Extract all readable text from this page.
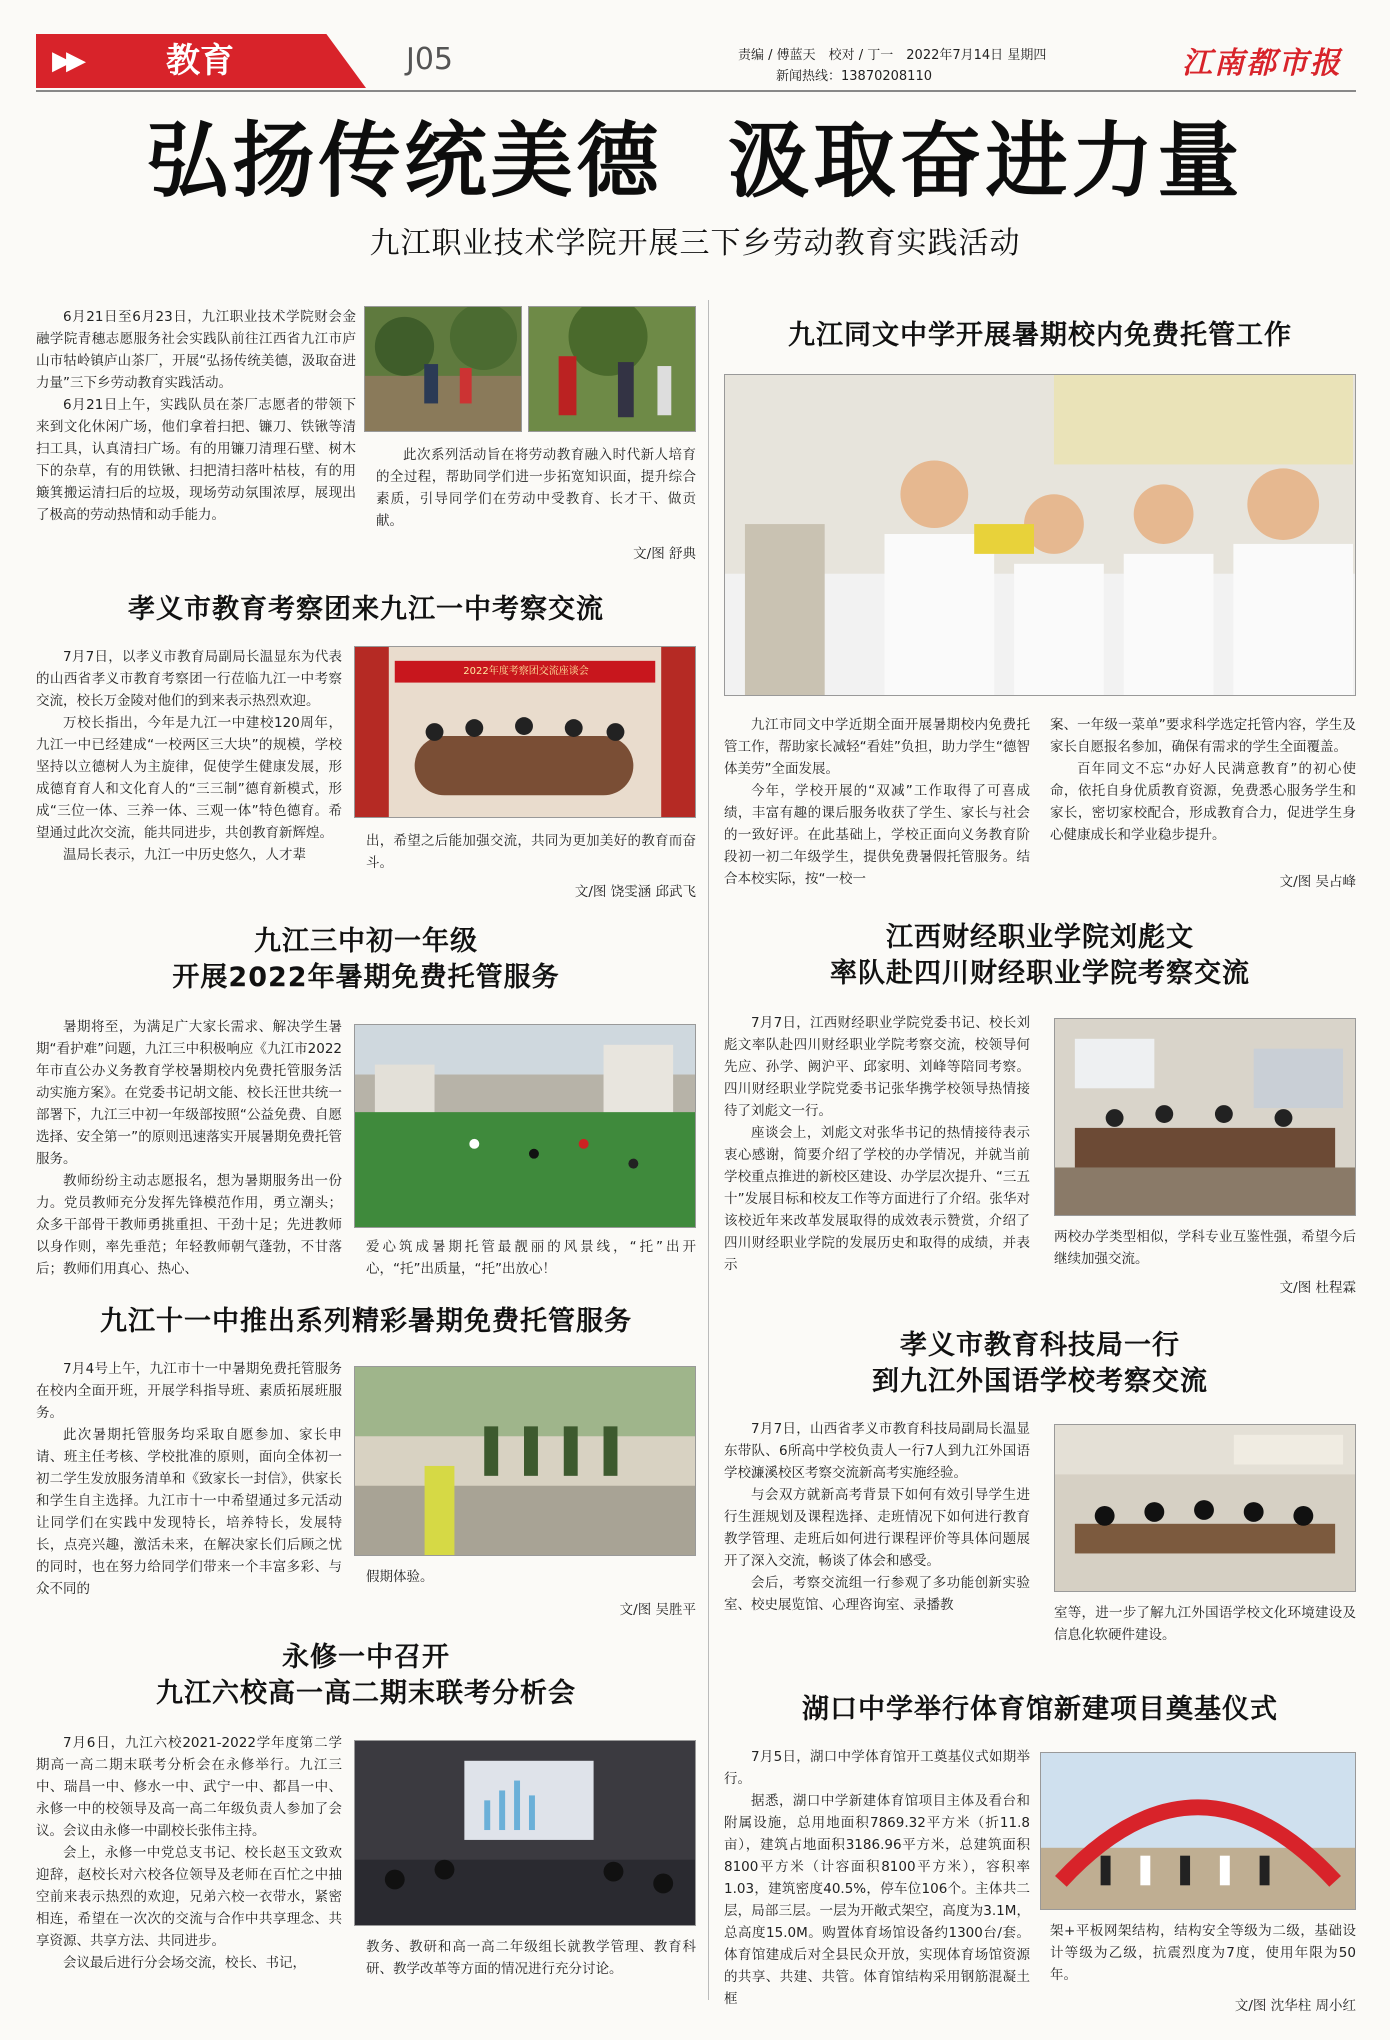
▶▶	教育	J05	责编 / 傅蓝天　校对 / 丁一　2022年7月14日 星期四
新闻热线：13870208110	江南都市报
弘扬传统美德  汲取奋进力量
九江职业技术学院开展三下乡劳动教育实践活动

6月21日至6月23日，九江职业技术学院财会金融学院青穗志愿服务社会实践队前往江西省九江市庐山市牯岭镇庐山茶厂，开展“弘扬传统美德，汲取奋进力量”三下乡劳动教育实践活动。

6月21日上午，实践队员在茶厂志愿者的带领下来到文化休闲广场，他们拿着扫把、镰刀、铁锹等清扫工具，认真清扫广场。有的用镰刀清理石壁、树木下的杂草，有的用铁锹、扫把清扫落叶枯枝，有的用簸箕搬运清扫后的垃圾，现场劳动氛围浓厚，展现出了极高的劳动热情和动手能力。

此次系列活动旨在将劳动教育融入时代新人培育的全过程，帮助同学们进一步拓宽知识面，提升综合素质，引导同学们在劳动中受教育、长才干、做贡献。

文/图 舒典
孝义市教育考察团来九江一中考察交流

7月7日，以孝义市教育局副局长温显东为代表的山西省孝义市教育考察团一行莅临九江一中考察交流，校长万金陵对他们的到来表示热烈欢迎。

万校长指出，今年是九江一中建校120周年，九江一中已经建成“一校两区三大块”的规模，学校坚持以立德树人为主旋律，促使学生健康发展，形成德育育人和文化育人的“三三制”德育新模式，形成“三位一体、三养一体、三观一体”特色德育。希望通过此次交流，能共同进步，共创教育新辉煌。

温局长表示，九江一中历史悠久，人才辈

2022年度考察团交流座谈会

出，希望之后能加强交流，共同为更加美好的教育而奋斗。

文/图 饶雯涵 邱武飞
九江三中初一年级
开展2022年暑期免费托管服务

暑期将至，为满足广大家长需求、解决学生暑期“看护难”问题，九江三中积极响应《九江市2022年市直公办义务教育学校暑期校内免费托管服务活动实施方案》。在党委书记胡文能、校长汪世共统一部署下，九江三中初一年级部按照“公益免费、自愿选择、安全第一”的原则迅速落实开展暑期免费托管服务。

教师纷纷主动志愿报名，想为暑期服务出一份力。党员教师充分发挥先锋模范作用，勇立潮头；众多干部骨干教师勇挑重担、干劲十足；先进教师以身作则，率先垂范；年轻教师朝气蓬勃，不甘落后；教师们用真心、热心、

爱心筑成暑期托管最靓丽的风景线，“托”出开心，“托”出质量，“托”出放心！

九江十一中推出系列精彩暑期免费托管服务

7月4号上午，九江市十一中暑期免费托管服务在校内全面开班，开展学科指导班、素质拓展班服务。

此次暑期托管服务均采取自愿参加、家长申请、班主任考核、学校批准的原则，面向全体初一初二学生发放服务清单和《致家长一封信》，供家长和学生自主选择。九江市十一中希望通过多元活动让同学们在实践中发现特长，培养特长，发展特长，点亮兴趣，激活未来，在解决家长们后顾之忧的同时，也在努力给同学们带来一个丰富多彩、与众不同的

假期体验。

文/图 吴胜平
永修一中召开
九江六校高一高二期末联考分析会

7月6日，九江六校2021-2022学年度第二学期高一高二期末联考分析会在永修举行。九江三中、瑞昌一中、修水一中、武宁一中、都昌一中、永修一中的校领导及高一高二年级负责人参加了会议。会议由永修一中副校长张伟主持。

会上，永修一中党总支书记、校长赵玉文致欢迎辞，赵校长对六校各位领导及老师在百忙之中抽空前来表示热烈的欢迎，兄弟六校一衣带水，紧密相连，希望在一次次的交流与合作中共享理念、共享资源、共享方法、共同进步。

会议最后进行分会场交流，校长、书记，

教务、教研和高一高二年级组长就教学管理、教育科研、教学改革等方面的情况进行充分讨论。

九江同文中学开展暑期校内免费托管工作

九江市同文中学近期全面开展暑期校内免费托管工作，帮助家长减轻“看娃”负担，助力学生“德智体美劳”全面发展。

今年，学校开展的“双减”工作取得了可喜成绩，丰富有趣的课后服务收获了学生、家长与社会的一致好评。在此基础上，学校正面向义务教育阶段初一初二年级学生，提供免费暑假托管服务。结合本校实际，按“一校一

案、一年级一菜单”要求科学选定托管内容，学生及家长自愿报名参加，确保有需求的学生全面覆盖。

百年同文不忘“办好人民满意教育”的初心使命，依托自身优质教育资源，免费悉心服务学生和家长，密切家校配合，形成教育合力，促进学生身心健康成长和学业稳步提升。

文/图 吴占峰
江西财经职业学院刘彪文
率队赴四川财经职业学院考察交流

7月7日，江西财经职业学院党委书记、校长刘彪文率队赴四川财经职业学院考察交流，校领导何先应、孙学、阙沪平、邱家明、刘峰等陪同考察。四川财经职业学院党委书记张华携学校领导热情接待了刘彪文一行。

座谈会上，刘彪文对张华书记的热情接待表示衷心感谢，简要介绍了学校的办学情况，并就当前学校重点推进的新校区建设、办学层次提升、“三五十”发展目标和校友工作等方面进行了介绍。张华对该校近年来改革发展取得的成效表示赞赏，介绍了四川财经职业学院的发展历史和取得的成绩，并表示

两校办学类型相似，学科专业互鉴性强，希望今后继续加强交流。

文/图 杜程霖
孝义市教育科技局一行
到九江外国语学校考察交流

7月7日，山西省孝义市教育科技局副局长温显东带队、6所高中学校负责人一行7人到九江外国语学校濂溪校区考察交流新高考实施经验。

与会双方就新高考背景下如何有效引导学生进行生涯规划及课程选择、走班情况下如何进行教育教学管理、走班后如何进行课程评价等具体问题展开了深入交流，畅谈了体会和感受。

会后，考察交流组一行参观了多功能创新实验室、校史展览馆、心理咨询室、录播教	室等，进一步了解九江外国语学校文化环境建设及信息化软硬件建设。

湖口中学举行体育馆新建项目奠基仪式

7月5日，湖口中学体育馆开工奠基仪式如期举行。

据悉，湖口中学新建体育馆项目主体及看台和附属设施，总用地面积7869.32平方米（折11.8亩），建筑占地面积3186.96平方米，总建筑面积8100平方米（计容面积8100平方米），容积率1.03，建筑密度40.5%，停车位106个。主体共二层，局部三层。一层为开敞式架空，高度为3.1M，总高度15.0M。购置体育场馆设备约1300台/套。体育馆建成后对全县民众开放，实现体育场馆资源的共享、共建、共管。体育馆结构采用钢筋混凝土框

架+平板网架结构，结构安全等级为二级，基础设计等级为乙级，抗震烈度为7度，使用年限为50年。

文/图 沈华柱 周小红
